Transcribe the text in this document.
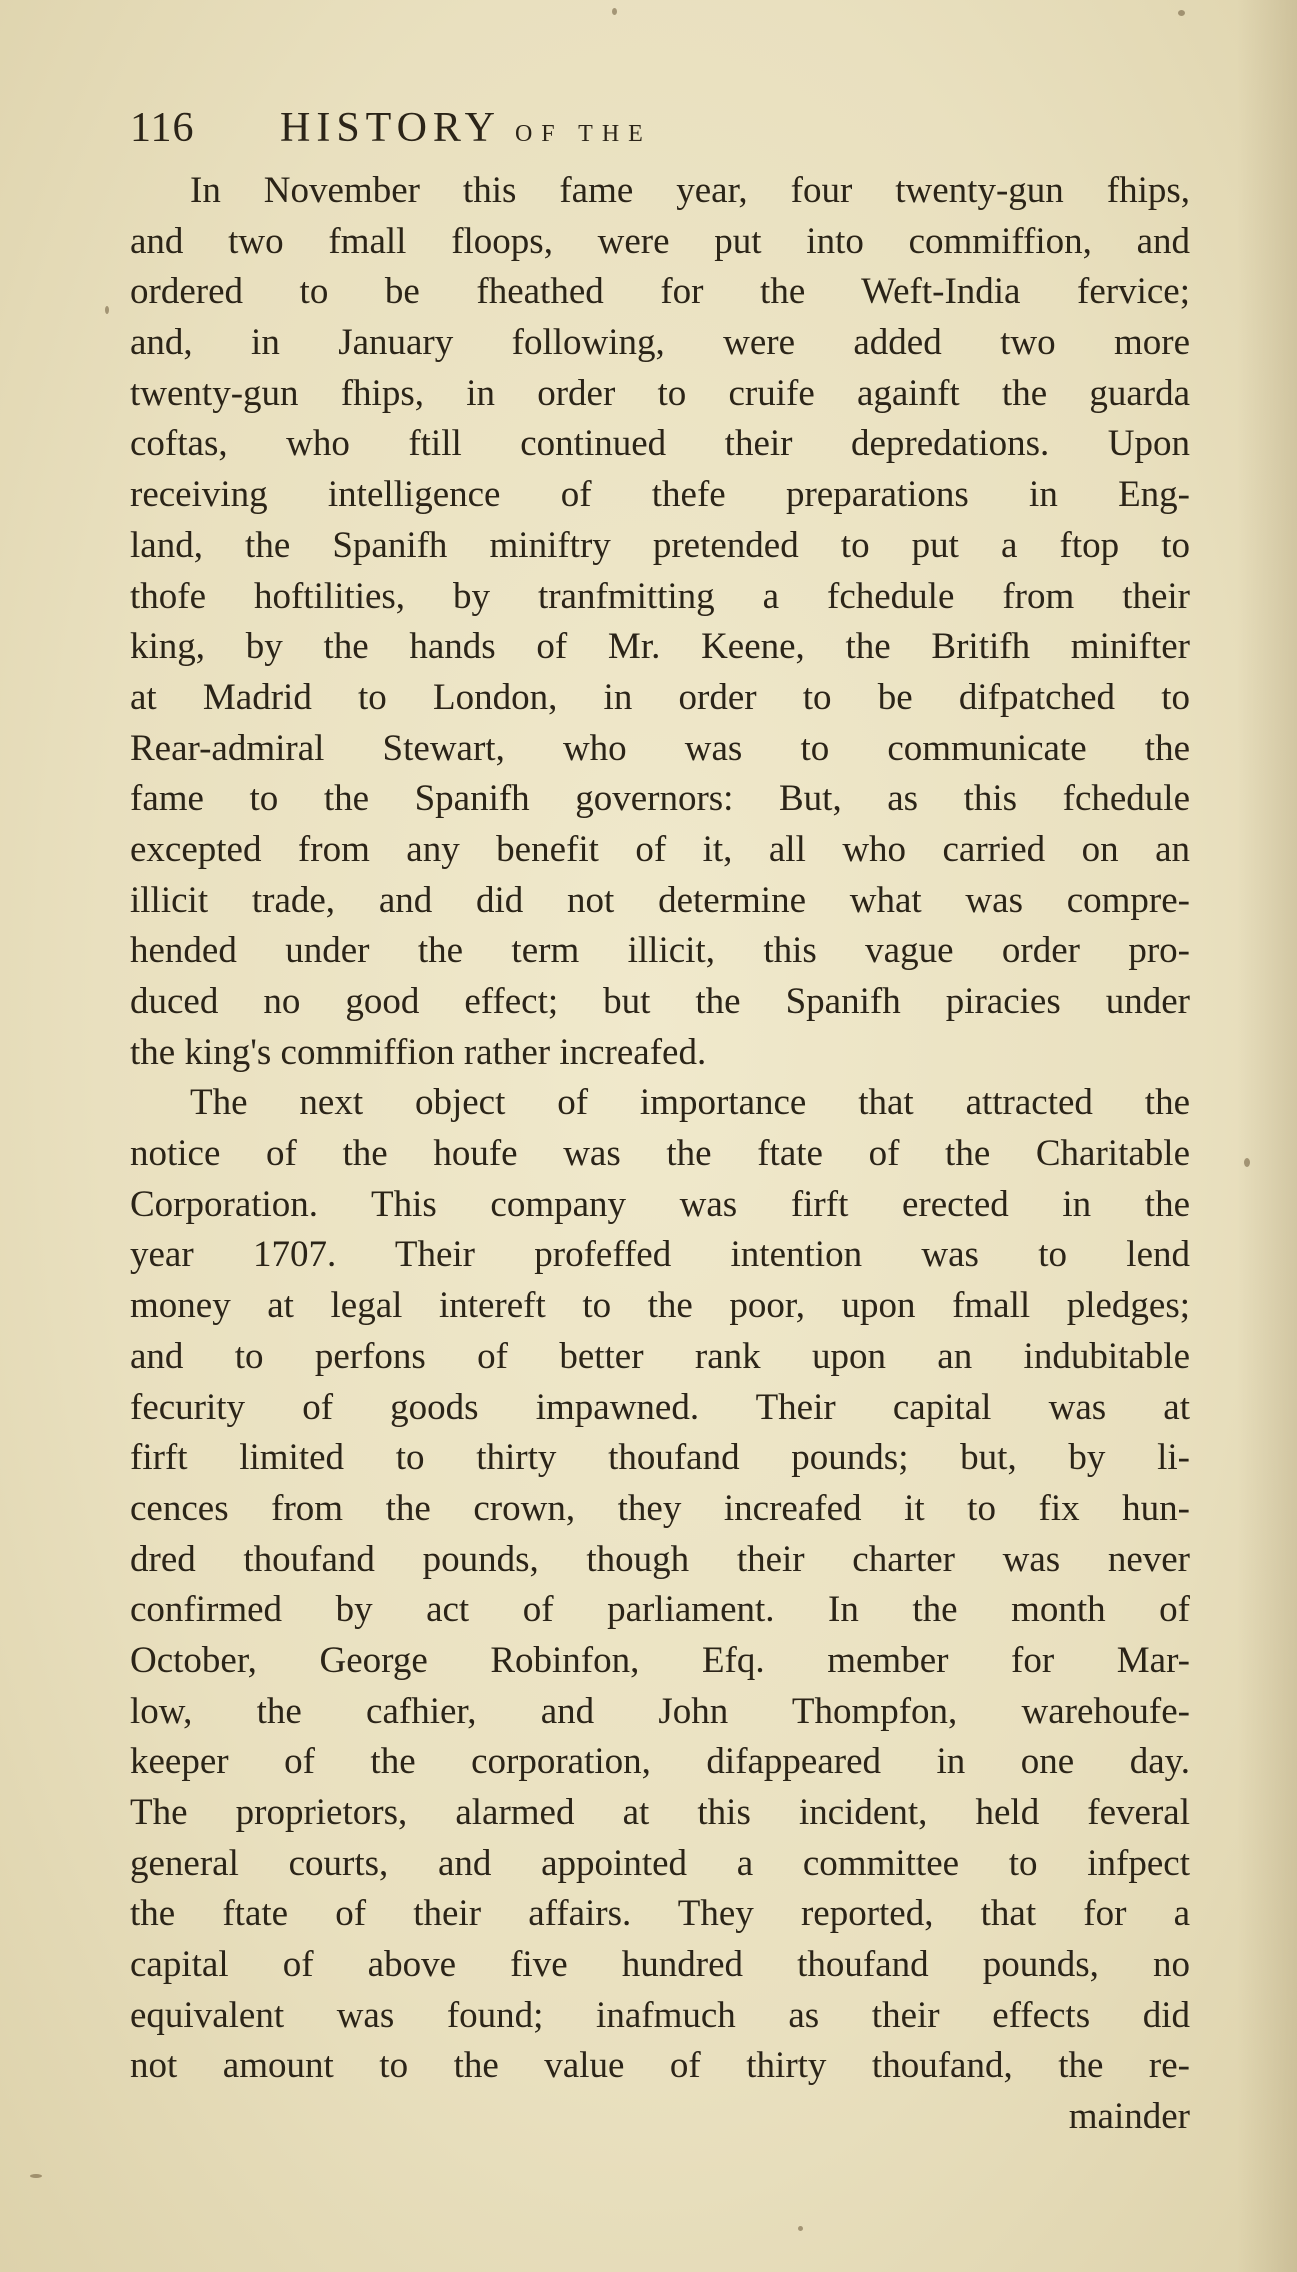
116 HISTORY OF THE
In November this fame year, four twenty-gun fhips,
and two fmall floops, were put into commiffion, and
ordered to be fheathed for the Weft-India fervice;
and, in January following, were added two more
twenty-gun fhips, in order to cruife againft the guarda
coftas, who ftill continued their depredations. Upon
receiving intelligence of thefe preparations in Eng-
land, the Spanifh miniftry pretended to put a ftop to
thofe hoftilities, by tranfmitting a fchedule from their
king, by the hands of Mr. Keene, the Britifh minifter
at Madrid to London, in order to be difpatched to
Rear-admiral Stewart, who was to communicate the
fame to the Spanifh governors: But, as this fchedule
excepted from any benefit of it, all who carried on an
illicit trade, and did not determine what was compre-
hended under the term illicit, this vague order pro-
duced no good effect; but the Spanifh piracies under
the king's commiffion rather increafed.
The next object of importance that attracted the
notice of the houfe was the ftate of the Charitable
Corporation. This company was firft erected in the
year 1707. Their profeffed intention was to lend
money at legal intereft to the poor, upon fmall pledges;
and to perfons of better rank upon an indubitable
fecurity of goods impawned. Their capital was at
firft limited to thirty thoufand pounds; but, by li-
cences from the crown, they increafed it to fix hun-
dred thoufand pounds, though their charter was never
confirmed by act of parliament. In the month of
October, George Robinfon, Efq. member for Mar-
low, the cafhier, and John Thompfon, warehoufe-
keeper of the corporation, difappeared in one day.
The proprietors, alarmed at this incident, held feveral
general courts, and appointed a committee to infpect
the ftate of their affairs. They reported, that for a
capital of above five hundred thoufand pounds, no
equivalent was found; inafmuch as their effects did
not amount to the value of thirty thoufand, the re-
mainder
